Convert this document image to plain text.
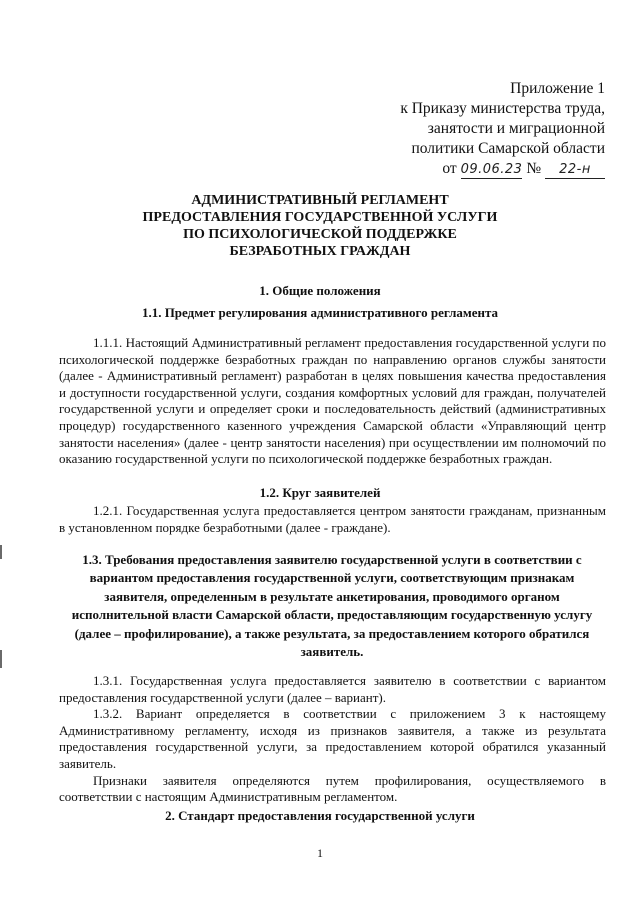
Приложение 1
к Приказу министерства труда,
занятости и миграционной
политики Самарской области
от 09.06.23 № 22-н
АДМИНИСТРАТИВНЫЙ РЕГЛАМЕНТ
ПРЕДОСТАВЛЕНИЯ ГОСУДАРСТВЕННОЙ УСЛУГИ
ПО ПСИХОЛОГИЧЕСКОЙ ПОДДЕРЖКЕ
БЕЗРАБОТНЫХ ГРАЖДАН
1. Общие положения
1.1. Предмет регулирования административного регламента

1.1.1. Настоящий Административный регламент предоставления государственной услуги по психологической поддержке безработных граждан по направлению органов службы занятости (далее - Административный регламент) разработан в целях повышения качества предоставления и доступности государственной услуги, создания комфортных условий для граждан, получателей государственной услуги и определяет сроки и последовательность действий (административных процедур) государственного казенного учреждения Самарской области «Управляющий центр занятости населения» (далее - центр занятости населения) при осуществлении им полномочий по оказанию государственной услуги по психологической поддержке безработных граждан.

1.2. Круг заявителей

1.2.1. Государственная услуга предоставляется центром занятости гражданам, признанным в установленном порядке безработными (далее - граждане).

1.3. Требования предоставления заявителю государственной услуги в соответствии с вариантом предоставления государственной услуги, соответствующим признакам заявителя, определенным в результате анкетирования, проводимого органом исполнительной власти Самарской области, предоставляющим государственную услугу (далее – профилирование), а также результата, за предоставлением которого обратился заявитель.

1.3.1. Государственная услуга предоставляется заявителю в соответствии с вариантом предоставления государственной услуги (далее – вариант).

1.3.2. Вариант определяется в соответствии с приложением 3 к настоящему Административному регламенту, исходя из признаков заявителя, а также из результата предоставления государственной услуги, за предоставлением которой обратился указанный заявитель.

Признаки заявителя определяются путем профилирования, осуществляемого в соответствии с настоящим Административным регламентом.

2. Стандарт предоставления государственной услуги
1
